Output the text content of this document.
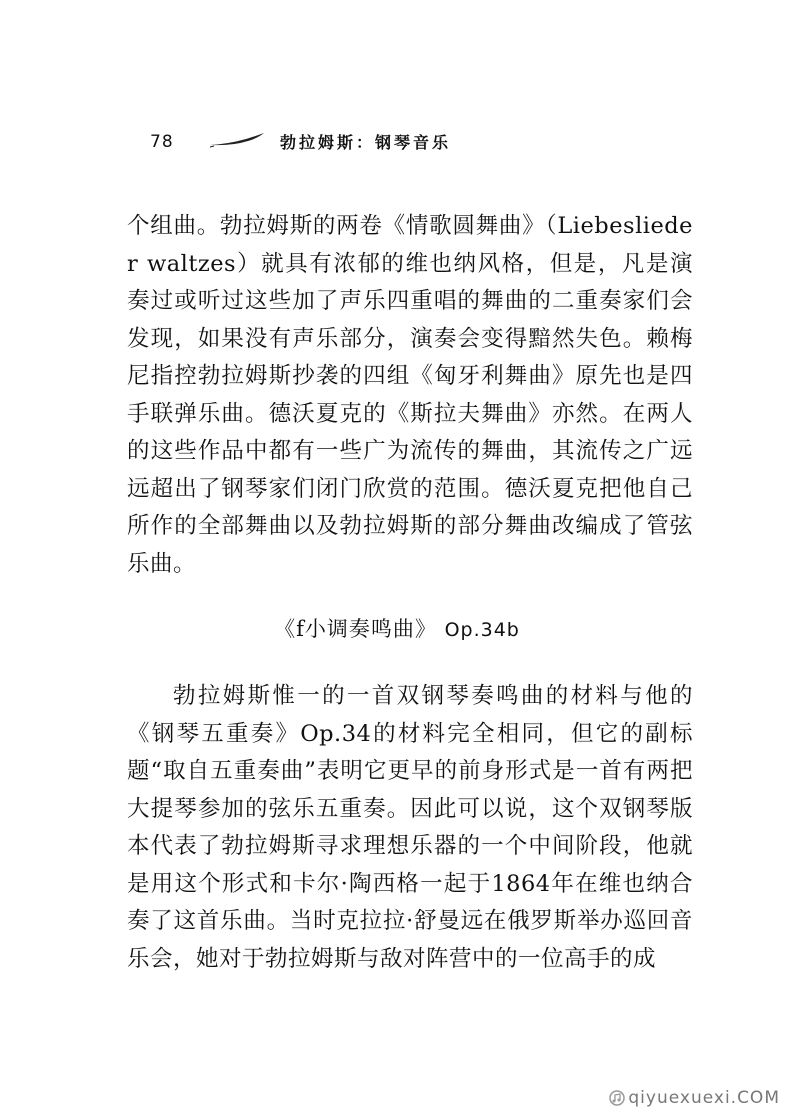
78	勃拉姆斯：钢琴音乐

个组曲。勃拉姆斯的两卷《情歌圆舞曲》（Liebeslieder waltzes）就具有浓郁的维也纳风格，但是，凡是演奏过或听过这些加了声乐四重唱的舞曲的二重奏家们会发现，如果没有声乐部分，演奏会变得黯然失色。赖梅尼指控勃拉姆斯抄袭的四组《匈牙利舞曲》原先也是四手联弹乐曲。德沃夏克的《斯拉夫舞曲》亦然。在两人的这些作品中都有一些广为流传的舞曲，其流传之广远远超出了钢琴家们闭门欣赏的范围。德沃夏克把他自己所作的全部舞曲以及勃拉姆斯的部分舞曲改编成了管弦乐曲。

《f小调奏鸣曲》 Op.34b

勃拉姆斯惟一的一首双钢琴奏鸣曲的材料与他的《钢琴五重奏》Op.34的材料完全相同，但它的副标题“取自五重奏曲”表明它更早的前身形式是一首有两把大提琴参加的弦乐五重奏。因此可以说，这个双钢琴版本代表了勃拉姆斯寻求理想乐器的一个中间阶段，他就是用这个形式和卡尔·陶西格一起于1864年在维也纳合奏了这首乐曲。当时克拉拉·舒曼远在俄罗斯举办巡回音乐会，她对于勃拉姆斯与敌对阵营中的一位高手的成

qiyuexuexi.COM
